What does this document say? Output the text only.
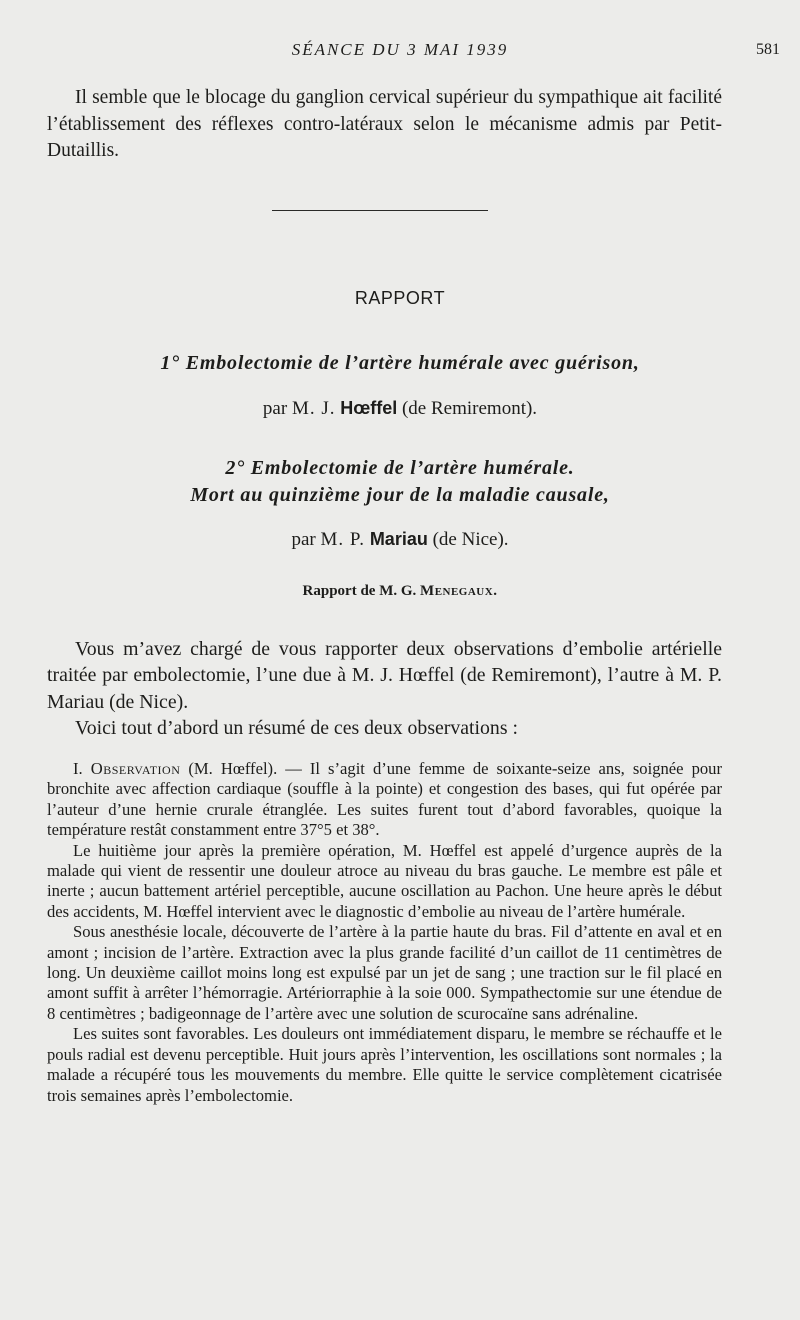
SÉANCE DU 3 MAI 1939	581
Il semble que le blocage du ganglion cervical supérieur du sympathique ait facilité l’établissement des réflexes contro-latéraux selon le mécanisme admis par Petit-Dutaillis.
RAPPORT
1° Embolectomie de l’artère humérale avec guérison,
par M. J. Hœffel (de Remiremont).
2° Embolectomie de l’artère humérale.
Mort au quinzième jour de la maladie causale,
par M. P. Mariau (de Nice).
Rapport de M. G. Menegaux.

Vous m’avez chargé de vous rapporter deux observations d’embolie artérielle traitée par embolectomie, l’une due à M. J. Hœffel (de Remiremont), l’autre à M. P. Mariau (de Nice).

Voici tout d’abord un résumé de ces deux observations :

I. Observation (M. Hœffel). — Il s’agit d’une femme de soixante-seize ans, soignée pour bronchite avec affection cardiaque (souffle à la pointe) et congestion des bases, qui fut opérée par l’auteur d’une hernie crurale étranglée. Les suites furent tout d’abord favorables, quoique la température restât constamment entre 37°5 et 38°.

Le huitième jour après la première opération, M. Hœffel est appelé d’urgence auprès de la malade qui vient de ressentir une douleur atroce au niveau du bras gauche. Le membre est pâle et inerte ; aucun battement artériel perceptible, aucune oscillation au Pachon. Une heure après le début des accidents, M. Hœffel intervient avec le diagnostic d’embolie au niveau de l’artère humérale.

Sous anesthésie locale, découverte de l’artère à la partie haute du bras. Fil d’attente en aval et en amont ; incision de l’artère. Extraction avec la plus grande facilité d’un caillot de 11 centimètres de long. Un deuxième caillot moins long est expulsé par un jet de sang ; une traction sur le fil placé en amont suffit à arrêter l’hémorragie. Artériorraphie à la soie 000. Sympathectomie sur une étendue de 8 centimètres ; badigeonnage de l’artère avec une solution de scurocaïne sans adrénaline.

Les suites sont favorables. Les douleurs ont immédiatement disparu, le membre se réchauffe et le pouls radial est devenu perceptible. Huit jours après l’intervention, les oscillations sont normales ; la malade a récupéré tous les mouvements du membre. Elle quitte le service complètement cicatrisée trois semaines après l’embolectomie.
